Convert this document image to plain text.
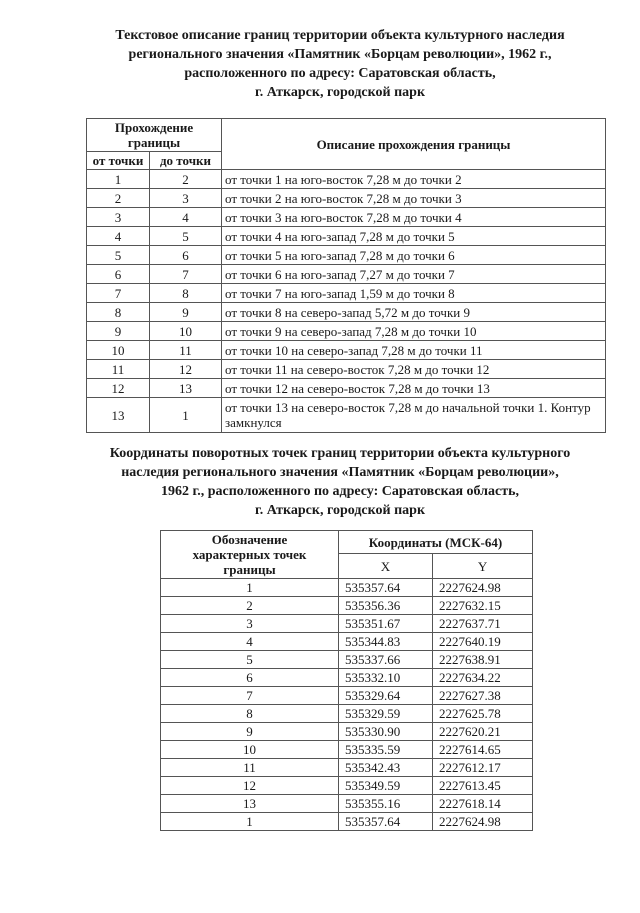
Текстовое описание границ территории объекта культурного наследия
регионального значения «Памятник «Борцам революции», 1962 г.,
расположенного по адресу: Саратовская область,
г. Аткарск, городской парк
Прохождение
границы		Описание прохождения границы
от точки	до точки	
1	2	от точки 1 на юго-восток 7,28 м до точки 2
2	3	от точки 2 на юго-восток 7,28 м до точки 3
3	4	от точки 3 на юго-восток 7,28 м до точки 4
4	5	от точки 4 на юго-запад 7,28 м до точки 5
5	6	от точки 5 на юго-запад 7,28 м до точки 6
6	7	от точки 6 на юго-запад 7,27 м до точки 7
7	8	от точки 7 на юго-запад 1,59 м до точки 8
8	9	от точки 8 на северо-запад 5,72 м до точки 9
9	10	от точки 9 на северо-запад 7,28 м до точки 10
10	11	от точки 10 на северо-запад 7,28 м до точки 11
11	12	от точки 11 на северо-восток 7,28 м до точки 12
12	13	от точки 12 на северо-восток 7,28 м до точки 13
13	1	от точки 13 на северо-восток 7,28 м до начальной точки 1. Контур замкнулся
Координаты поворотных точек границ территории объекта культурного
наследия регионального значения «Памятник «Борцам революции»,
1962 г., расположенного по адресу: Саратовская область,
г. Аткарск, городской парк
Обозначение
характерных точек
границы	Координаты (МСК-64)	
	X	Y
1	535357.64	2227624.98
2	535356.36	2227632.15
3	535351.67	2227637.71
4	535344.83	2227640.19
5	535337.66	2227638.91
6	535332.10	2227634.22
7	535329.64	2227627.38
8	535329.59	2227625.78
9	535330.90	2227620.21
10	535335.59	2227614.65
11	535342.43	2227612.17
12	535349.59	2227613.45
13	535355.16	2227618.14
1	535357.64	2227624.98
